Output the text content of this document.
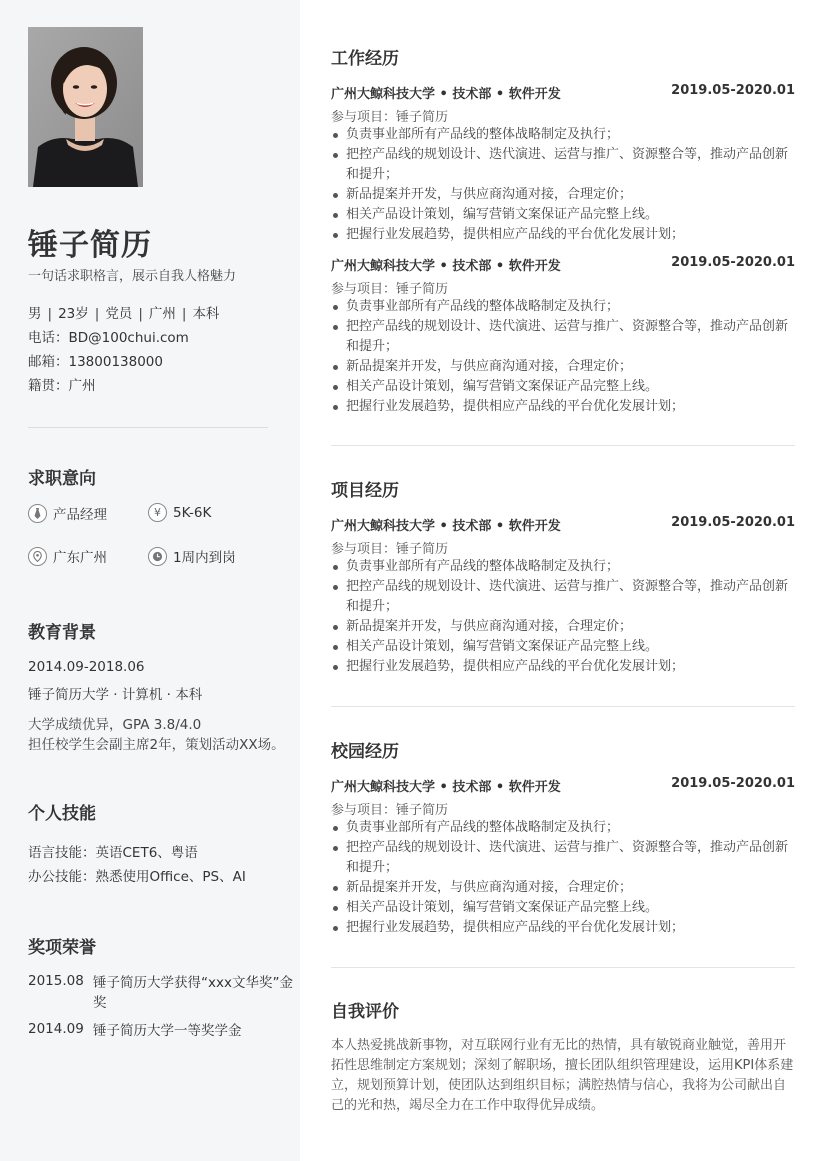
锤子简历
一句话求职格言，展示自我人格魅力
男 | 23岁 | 党员 | 广州 | 本科
电话：BD@100chui.com
邮箱：13800138000
籍贯：广州
求职意向
产品经理	¥ 5K-6K
广东广州	1周内到岗
教育背景
2014.09-2018.06
锤子简历大学 · 计算机 · 本科
大学成绩优异，GPA 3.8/4.0
担任校学生会副主席2年，策划活动XX场。
个人技能
语言技能：英语CET6、粤语
办公技能：熟悉使用Office、PS、AI
奖项荣誉
2015.08 锤子简历大学获得“xxx文华奖”金奖
2014.09 锤子简历大学一等奖学金
工作经历
广州大鲸科技大学 • 技术部 • 软件开发	2019.05-2020.01
参与项目：锤子简历
负责事业部所有产品线的整体战略制定及执行；
把控产品线的规划设计、迭代演进、运营与推广、资源整合等，推动产品创新和提升；
新品提案并开发，与供应商沟通对接，合理定价；
相关产品设计策划，编写营销文案保证产品完整上线。
把握行业发展趋势，提供相应产品线的平台优化发展计划；
广州大鲸科技大学 • 技术部 • 软件开发	2019.05-2020.01
参与项目：锤子简历
负责事业部所有产品线的整体战略制定及执行；
把控产品线的规划设计、迭代演进、运营与推广、资源整合等，推动产品创新和提升；
新品提案并开发，与供应商沟通对接，合理定价；
相关产品设计策划，编写营销文案保证产品完整上线。
把握行业发展趋势，提供相应产品线的平台优化发展计划；
项目经历
广州大鲸科技大学 • 技术部 • 软件开发	2019.05-2020.01
参与项目：锤子简历
负责事业部所有产品线的整体战略制定及执行；
把控产品线的规划设计、迭代演进、运营与推广、资源整合等，推动产品创新和提升；
新品提案并开发，与供应商沟通对接，合理定价；
相关产品设计策划，编写营销文案保证产品完整上线。
把握行业发展趋势，提供相应产品线的平台优化发展计划；
校园经历
广州大鲸科技大学 • 技术部 • 软件开发	2019.05-2020.01
参与项目：锤子简历
负责事业部所有产品线的整体战略制定及执行；
把控产品线的规划设计、迭代演进、运营与推广、资源整合等，推动产品创新和提升；
新品提案并开发，与供应商沟通对接，合理定价；
相关产品设计策划，编写营销文案保证产品完整上线。
把握行业发展趋势，提供相应产品线的平台优化发展计划；
自我评价
本人热爱挑战新事物，对互联网行业有无比的热情，具有敏锐商业触觉，善用开拓性思维制定方案规划；深刻了解职场，擅长团队组织管理建设，运用KPI体系建立，规划预算计划，使团队达到组织目标；满腔热情与信心，我将为公司献出自己的光和热，竭尽全力在工作中取得优异成绩。
